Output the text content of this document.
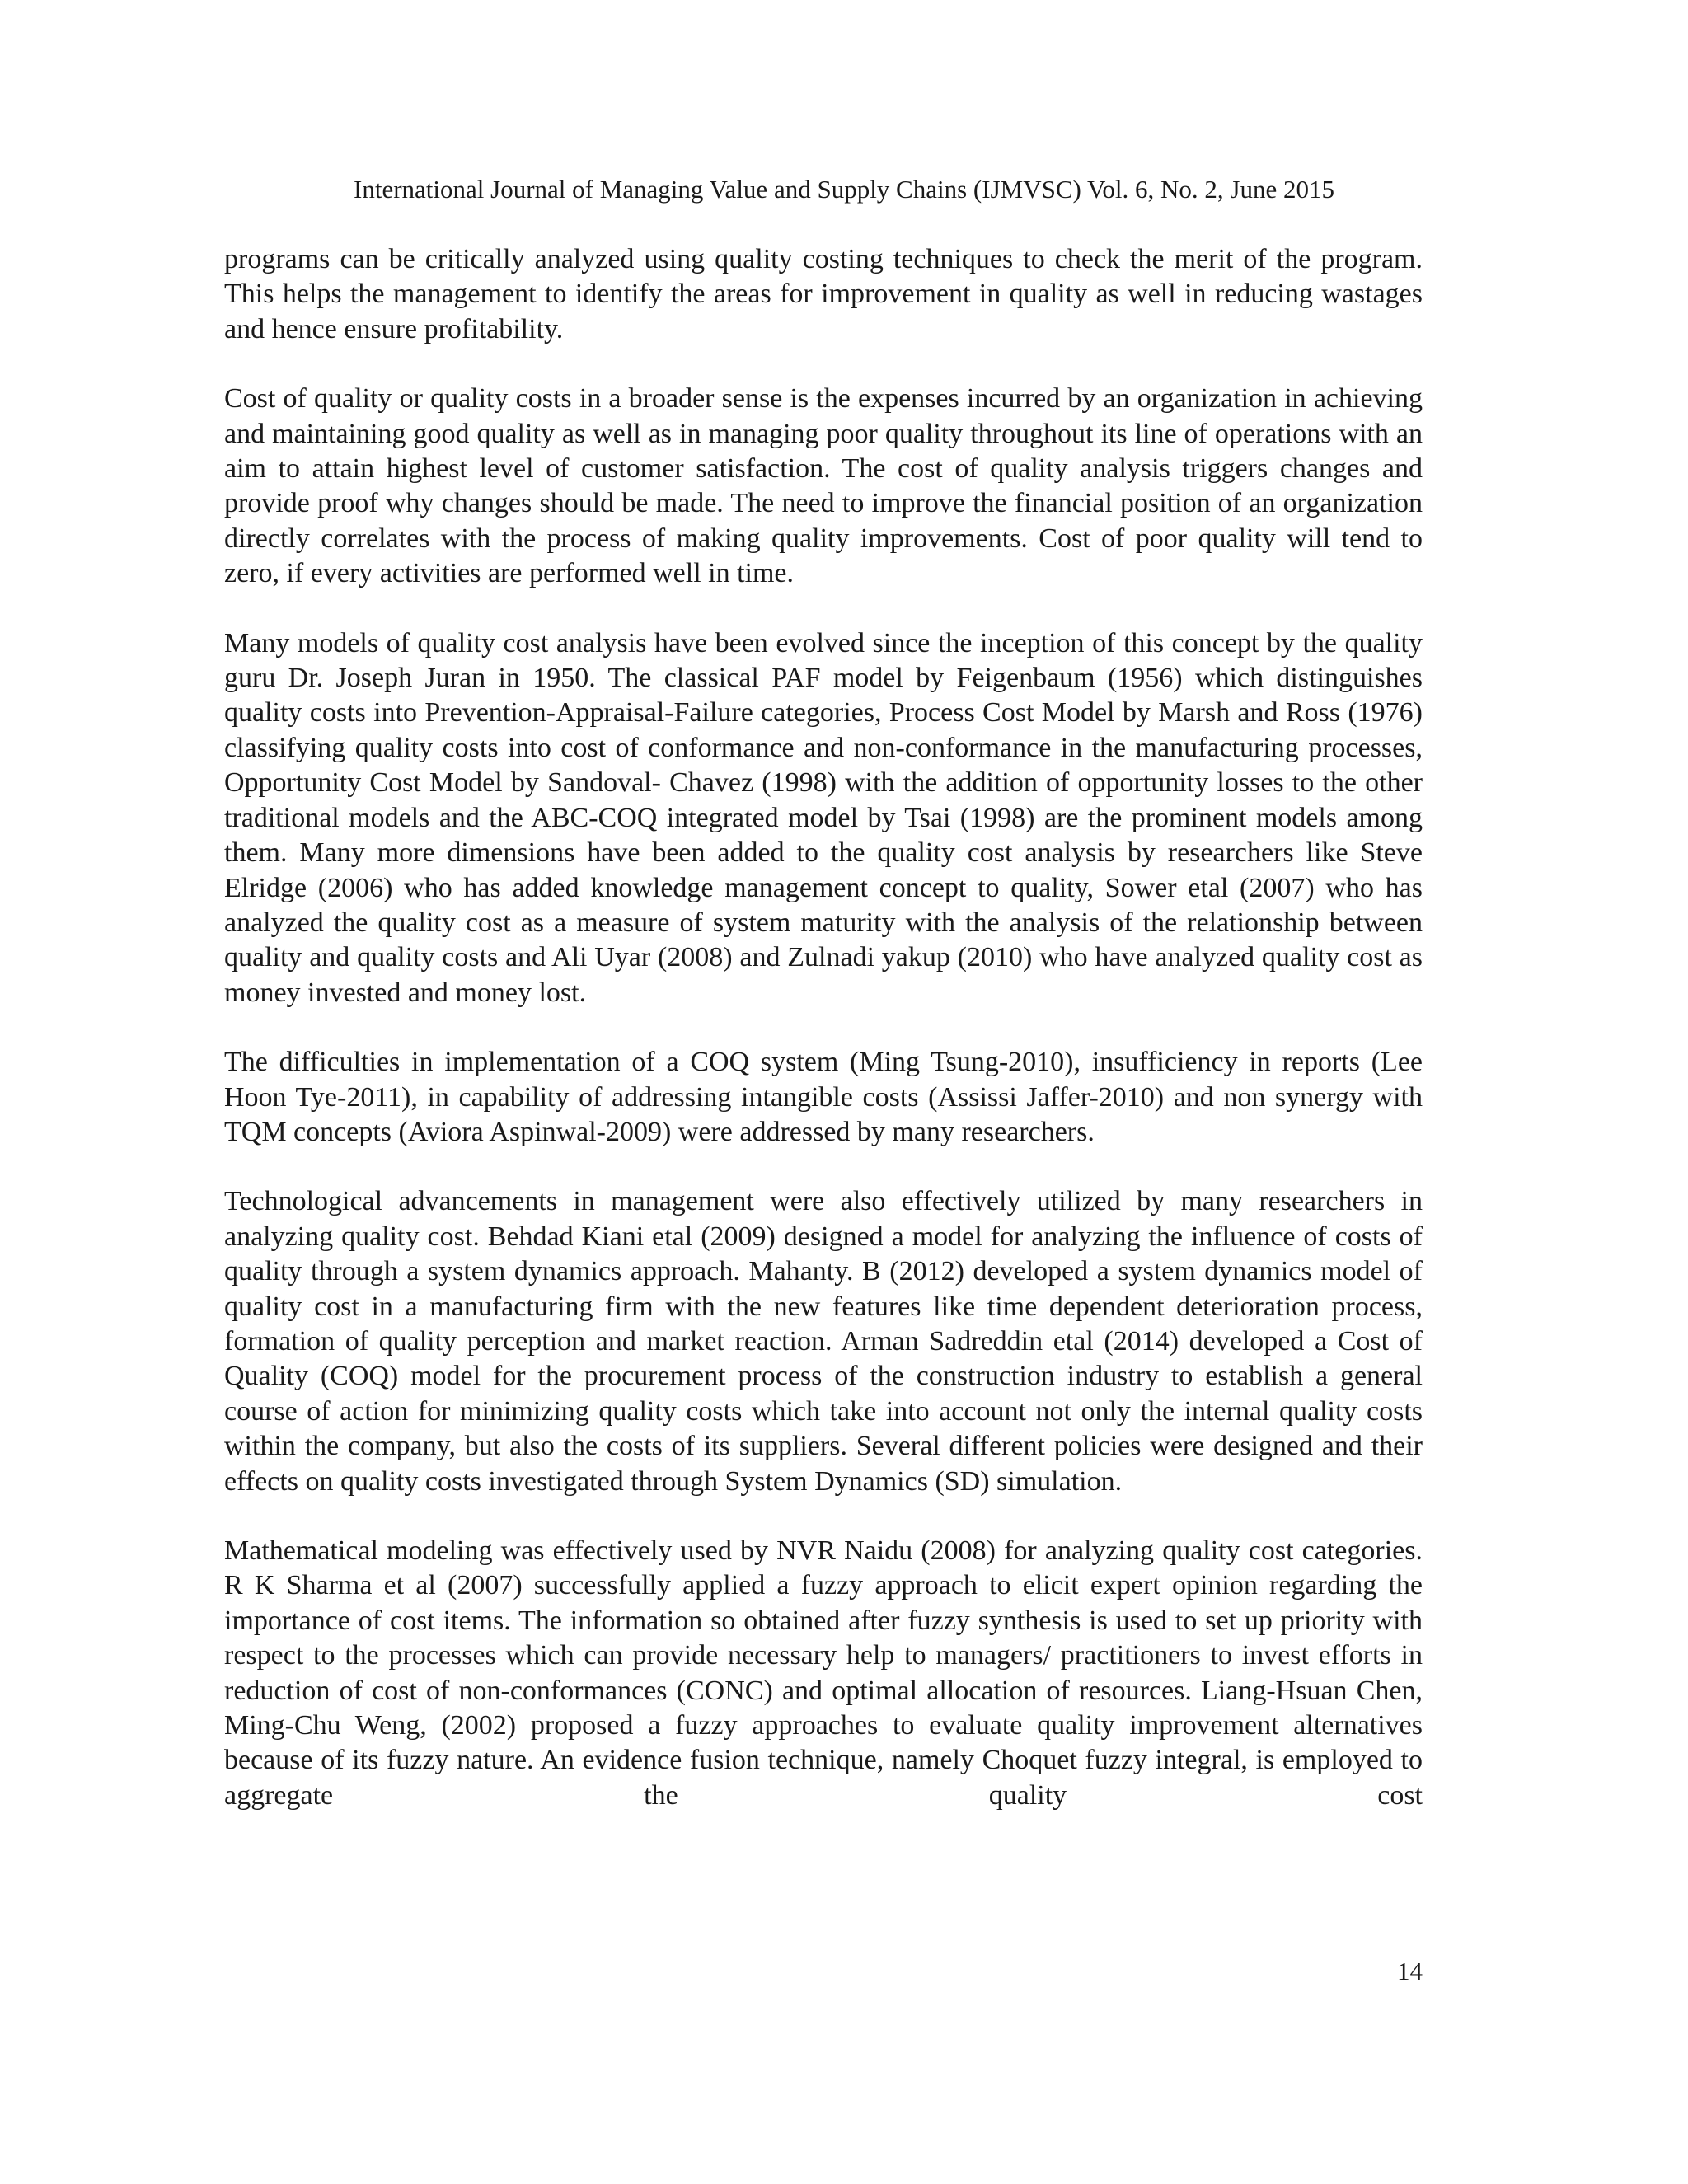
International Journal of Managing Value and Supply Chains (IJMVSC) Vol. 6, No. 2, June 2015

programs can be critically analyzed using quality costing techniques to check the merit of the program. This helps the management to identify the areas for improvement in quality as well in reducing wastages and hence ensure profitability.

Cost of quality or quality costs in a broader sense is the expenses incurred by an organization in achieving and maintaining good quality as well as in managing poor quality throughout its line of operations with an aim to attain highest level of customer satisfaction. The cost of quality analysis triggers changes and provide proof why changes should be made. The need to improve the financial position of an organization directly correlates with the process of making quality improvements. Cost of poor quality will tend to zero, if every activities are performed well in time.

Many models of quality cost analysis have been evolved since the inception of this concept by the quality guru Dr. Joseph Juran in 1950. The classical PAF model by Feigenbaum (1956) which distinguishes quality costs into Prevention-Appraisal-Failure categories, Process Cost Model by Marsh and Ross (1976) classifying quality costs into cost of conformance and non-conformance in the manufacturing processes, Opportunity Cost Model by Sandoval- Chavez (1998) with the addition of opportunity losses to the other traditional models and the ABC-COQ integrated model by Tsai (1998) are the prominent models among them. Many more dimensions have been added to the quality cost analysis by researchers like Steve Elridge (2006) who has added knowledge management concept to quality, Sower etal (2007) who has analyzed the quality cost as a measure of system maturity with the analysis of the relationship between quality and quality costs and Ali Uyar (2008) and Zulnadi yakup (2010) who have analyzed quality cost as money invested and money lost.

The difficulties in implementation of a COQ system (Ming Tsung-2010), insufficiency in reports (Lee Hoon Tye-2011), in capability of addressing intangible costs (Assissi Jaffer-2010) and non synergy with TQM concepts (Aviora Aspinwal-2009) were addressed by many researchers.

Technological advancements in management were also effectively utilized by many researchers in analyzing quality cost. Behdad Kiani etal (2009) designed a model for analyzing the influence of costs of quality through a system dynamics approach. Mahanty. B (2012) developed a system dynamics model of quality cost in a manufacturing firm with the new features like time dependent deterioration process, formation of quality perception and market reaction. Arman Sadreddin etal (2014) developed a Cost of Quality (COQ) model for the procurement process of the construction industry to establish a general course of action for minimizing quality costs which take into account not only the internal quality costs within the company, but also the costs of its suppliers. Several different policies were designed and their effects on quality costs investigated through System Dynamics (SD) simulation.

Mathematical modeling was effectively used by NVR Naidu (2008) for analyzing quality cost categories. R K Sharma et al (2007) successfully applied a fuzzy approach to elicit expert opinion regarding the importance of cost items. The information so obtained after fuzzy synthesis is used to set up priority with respect to the processes which can provide necessary help to managers/ practitioners to invest efforts in reduction of cost of non-conformances (CONC) and optimal allocation of resources. Liang-Hsuan Chen, Ming-Chu Weng, (2002) proposed a fuzzy approaches to evaluate quality improvement alternatives because of its fuzzy nature. An evidence fusion technique, namely Choquet fuzzy integral, is employed to aggregate the quality cost

14
